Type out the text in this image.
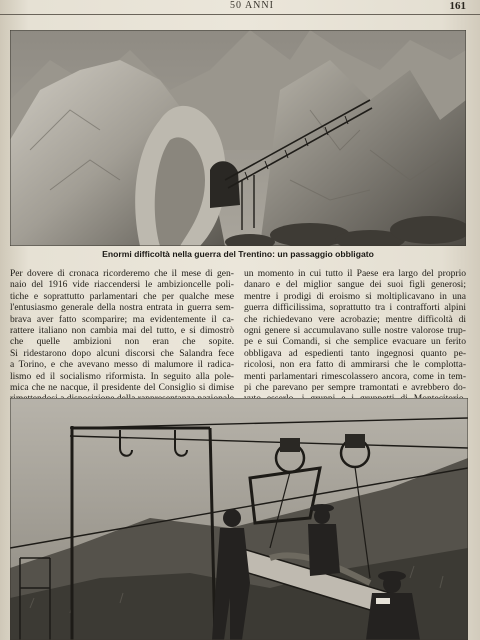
50 ANNI	161
Enormi difficoltà nella guerra del Trentino: un passaggio obbligato
Per dovere di cronaca ricorderemo che il mese di gen-
naio del 1916 vide riaccendersi le ambizioncelle poli-
tiche e soprattutto parlamentari che per qualche mese
l'entusiasmo generale della nostra entrata in guerra sem-
brava aver fatto scomparire; ma evidentemente il ca-
rattere italiano non cambia mai del tutto, e si dimostrò
che quelle ambizioni non eran che sopite.
Si ridestarono dopo alcuni discorsi che Salandra fece
a Torino, e che avevano messo di malumore il radica-
lismo ed il socialismo riformista. In seguito alla pole-
mica che ne nacque, il presidente del Consiglio si dimise
un momento in cui tutto il Paese era largo del proprio
danaro e del miglior sangue dei suoi figli generosi;
mentre i prodigi di eroismo si moltiplicavano in una
guerra difficilissima, soprattutto tra i contrafforti alpini
che richiedevano vere acrobazie; mentre difficoltà di
ogni genere si accumulavano sulle nostre valorose trup-
pe e sui Comandi, si che semplice evacuare un ferito
obbligava ad espedienti tanto ingegnosi quanto pe-
ricolosi, non era fatto di ammirarsi che le complotta-
menti parlamentari rimescolassero ancora, come in tem-
pi che parevano per sempre tramontati e avrebbero do-
